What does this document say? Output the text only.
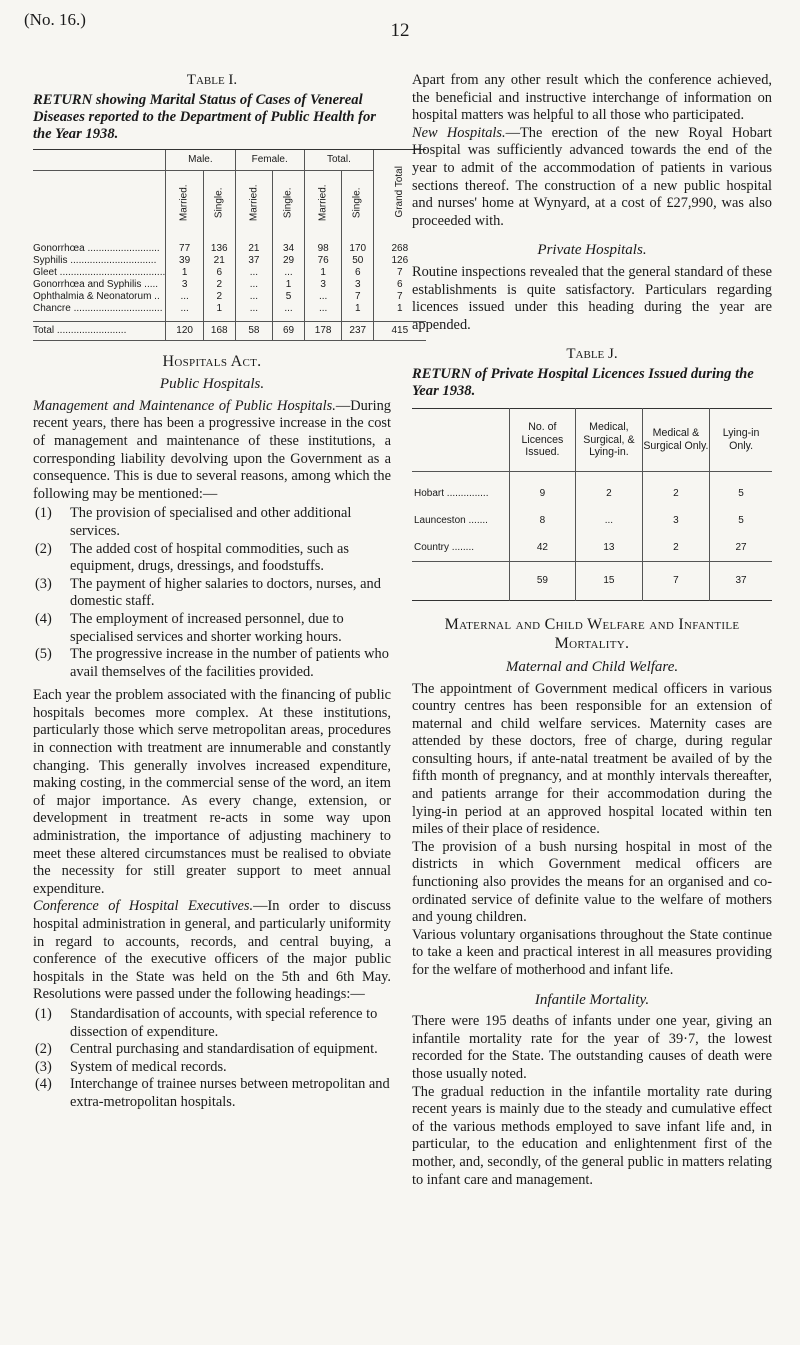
(No. 16.)
12
Table I.
RETURN showing Marital Status of Cases of Venereal Diseases reported to the Department of Public Health for the Year 1938.
	Male.		Female.		Total.		Grand Total
	Married.	Single.	Married.	Single.	Married.	Single.	
Gonorrhœa ..........................	77	136	21	34	98	170	268
Syphilis ...............................	39	21	37	29	76	50	126
Gleet ......................................	1	6	...	...	1	6	7
Gonorrhœa and Syphilis .....	3	2	...	1	3	3	6
Ophthalmia & Neonatorum ..	...	2	...	5	...	7	7
Chancre ................................	...	1	...	...	...	1	1

Total .........................	120	168	58	69	178	237	415
Hospitals Act.
Public Hospitals.

Management and Maintenance of Public Hospitals.—During recent years, there has been a progressive increase in the cost of management and maintenance of these institutions, a corresponding liability devolving upon the Government as a consequence. This is due to several reasons, among which the following may be mentioned:—

(1) The provision of specialised and other additional services.
(2) The added cost of hospital commodities, such as equipment, drugs, dressings, and foodstuffs.
(3) The payment of higher salaries to doctors, nurses, and domestic staff.
(4) The employment of increased personnel, due to specialised services and shorter working hours.
(5) The progressive increase in the number of patients who avail themselves of the facilities provided.

Each year the problem associated with the financing of public hospitals becomes more complex. At these institutions, particularly those which serve metropolitan areas, procedures in connection with treatment are innumerable and constantly changing. This generally involves increased expenditure, making costing, in the commercial sense of the word, an item of major importance. As every change, extension, or development in treatment re-acts in some way upon administration, the importance of adjusting machinery to meet these altered circumstances must be realised to obviate the necessity for still greater support to meet annual expenditure.

Conference of Hospital Executives.—In order to discuss hospital administration in general, and particularly uniformity in regard to accounts, records, and central buying, a conference of the executive officers of the major public hospitals in the State was held on the 5th and 6th May. Resolutions were passed under the following headings:—

(1) Standardisation of accounts, with special reference to dissection of expenditure.
(2) Central purchasing and standardisation of equipment.
(3) System of medical records.
(4) Interchange of trainee nurses between metropolitan and extra-metropolitan hospitals.

Apart from any other result which the conference achieved, the beneficial and instructive interchange of information on hospital matters was helpful to all those who participated.

New Hospitals.—The erection of the new Royal Hobart Hospital was sufficiently advanced towards the end of the year to admit of the accommodation of patients in various sections thereof. The construction of a new public hospital and nurses' home at Wynyard, at a cost of £27,990, was also proceeded with.

Private Hospitals.

Routine inspections revealed that the general standard of these establishments is quite satisfactory. Particulars regarding licences issued under this heading during the year are appended.

Table J.
RETURN of Private Hospital Licences Issued during the Year 1938.
	No. of Licences Issued.	Medical, Surgical, & Lying-in.	Medical & Surgical Only.	Lying-in Only.
Hobart ...............	9	2	2	5
Launceston .......	8	...	3	5
Country ........	42	13	2	27
	59	15	7	37
Maternal and Child Welfare and Infantile Mortality.
Maternal and Child Welfare.

The appointment of Government medical officers in various country centres has been responsible for an extension of maternal and child welfare services. Maternity cases are attended by these doctors, free of charge, during regular consulting hours, if ante-natal treatment be availed of by the fifth month of pregnancy, and at monthly intervals thereafter, and patients arrange for their accommodation during the lying-in period at an approved hospital located within ten miles of their place of residence.

The provision of a bush nursing hospital in most of the districts in which Government medical officers are functioning also provides the means for an organised and co-ordinated service of definite value to the welfare of mothers and young children.

Various voluntary organisations throughout the State continue to take a keen and practical interest in all measures providing for the welfare of motherhood and infant life.

Infantile Mortality.

There were 195 deaths of infants under one year, giving an infantile mortality rate for the year of 39·7, the lowest recorded for the State. The outstanding causes of death were those usually noted.

The gradual reduction in the infantile mortality rate during recent years is mainly due to the steady and cumulative effect of the various methods employed to save infant life and, in particular, to the education and enlightenment first of the mother, and, secondly, of the general public in matters relating to infant care and management.
